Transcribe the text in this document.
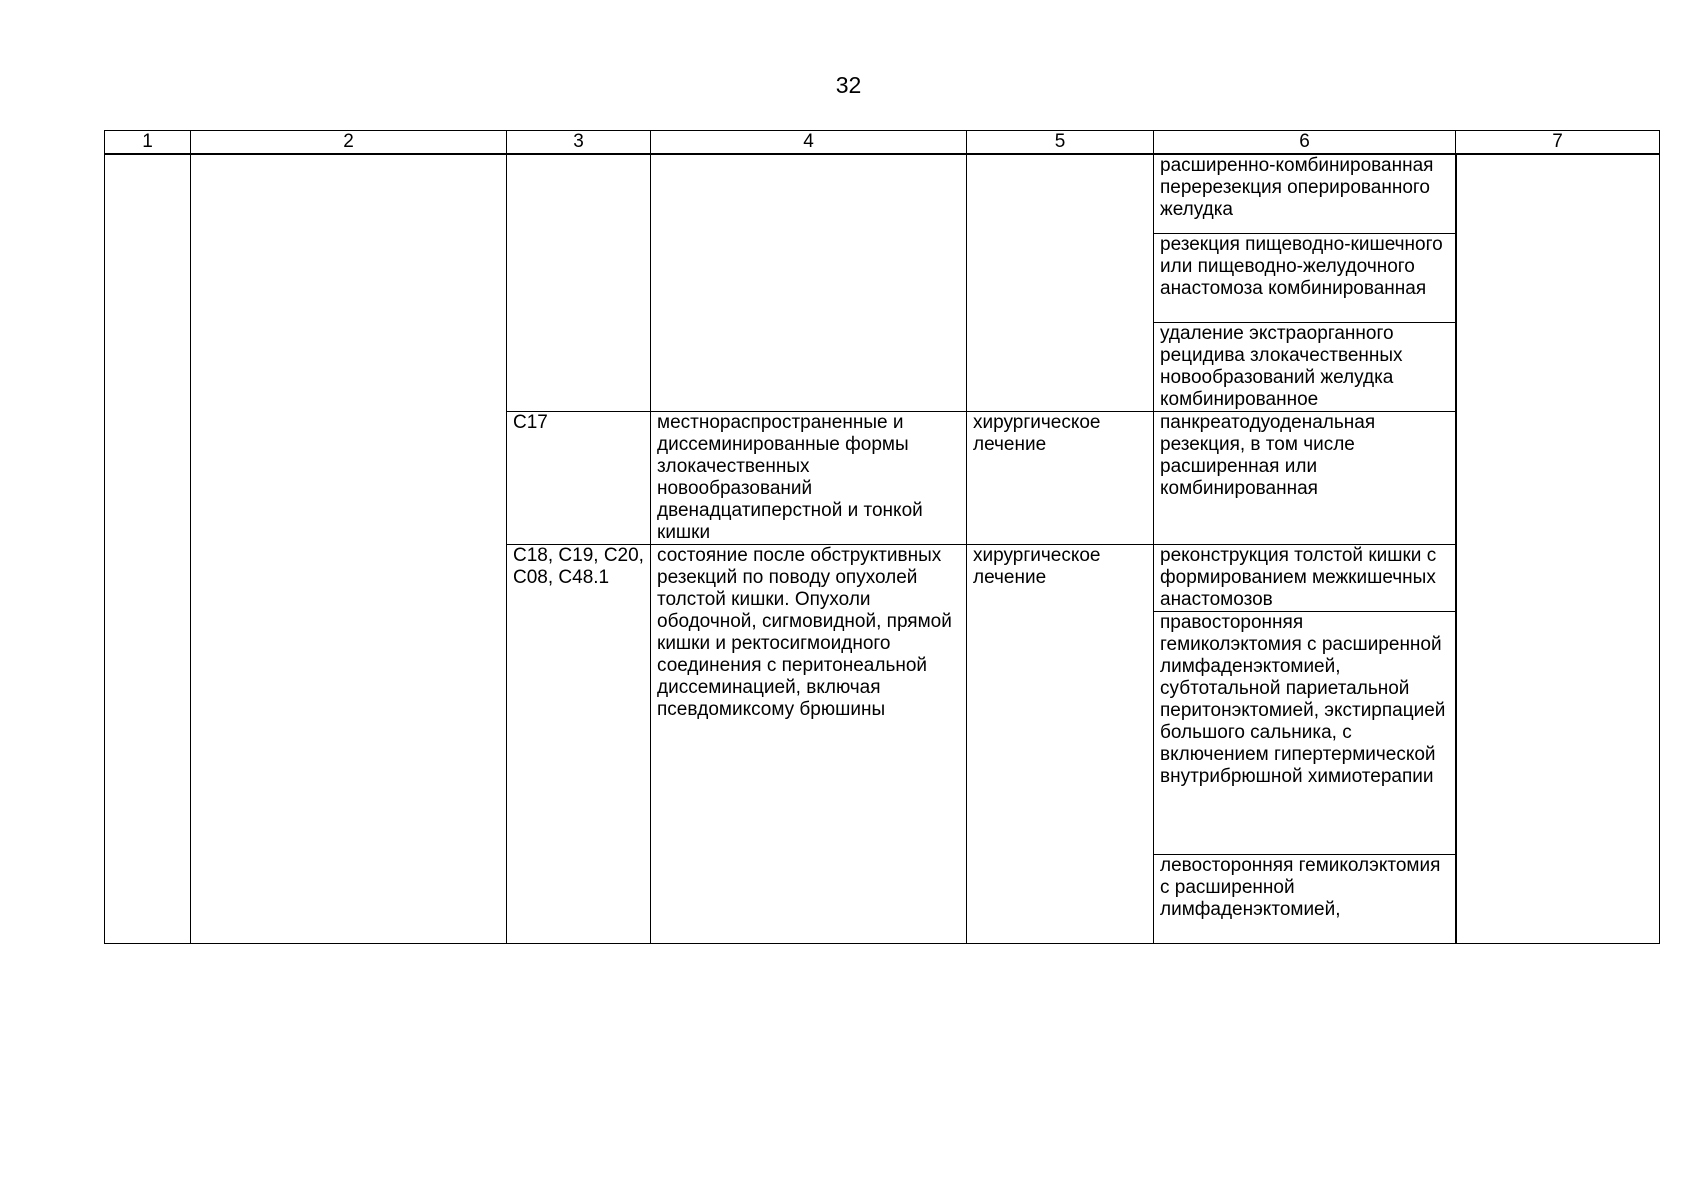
32
1	2	3	4	5	6	7
					расширенно-комбинированная перерезекция оперированного желудка	
					резекция пищеводно-кишечного или пищеводно-желудочного анастомоза комбинированная	
					удаление экстраорганного рецидива злокачественных новообразований желудка комбинированное	
		C17	местнораспространенные и диссеминированные формы злокачественных новообразований двенадцатиперстной и тонкой кишки	хирургическое лечение	панкреатодуоденальная резекция, в том числе расширенная или комбинированная	
		C18, C19, C20, C08, C48.1	состояние после обструктивных резекций по поводу опухолей толстой кишки. Опухоли ободочной, сигмовидной, прямой кишки и ректосигмоидного соединения с перитонеальной диссеминацией, включая псевдомиксому брюшины	хирургическое лечение	реконструкция толстой кишки с формированием межкишечных анастомозов	
					правосторонняя гемиколэктомия с расширенной лимфаденэктомией, субтотальной париетальной перитонэктомией, экстирпацией большого сальника, с включением гипертермической внутрибрюшной химиотерапии	
					левосторонняя гемиколэктомия с расширенной лимфаденэктомией,	
